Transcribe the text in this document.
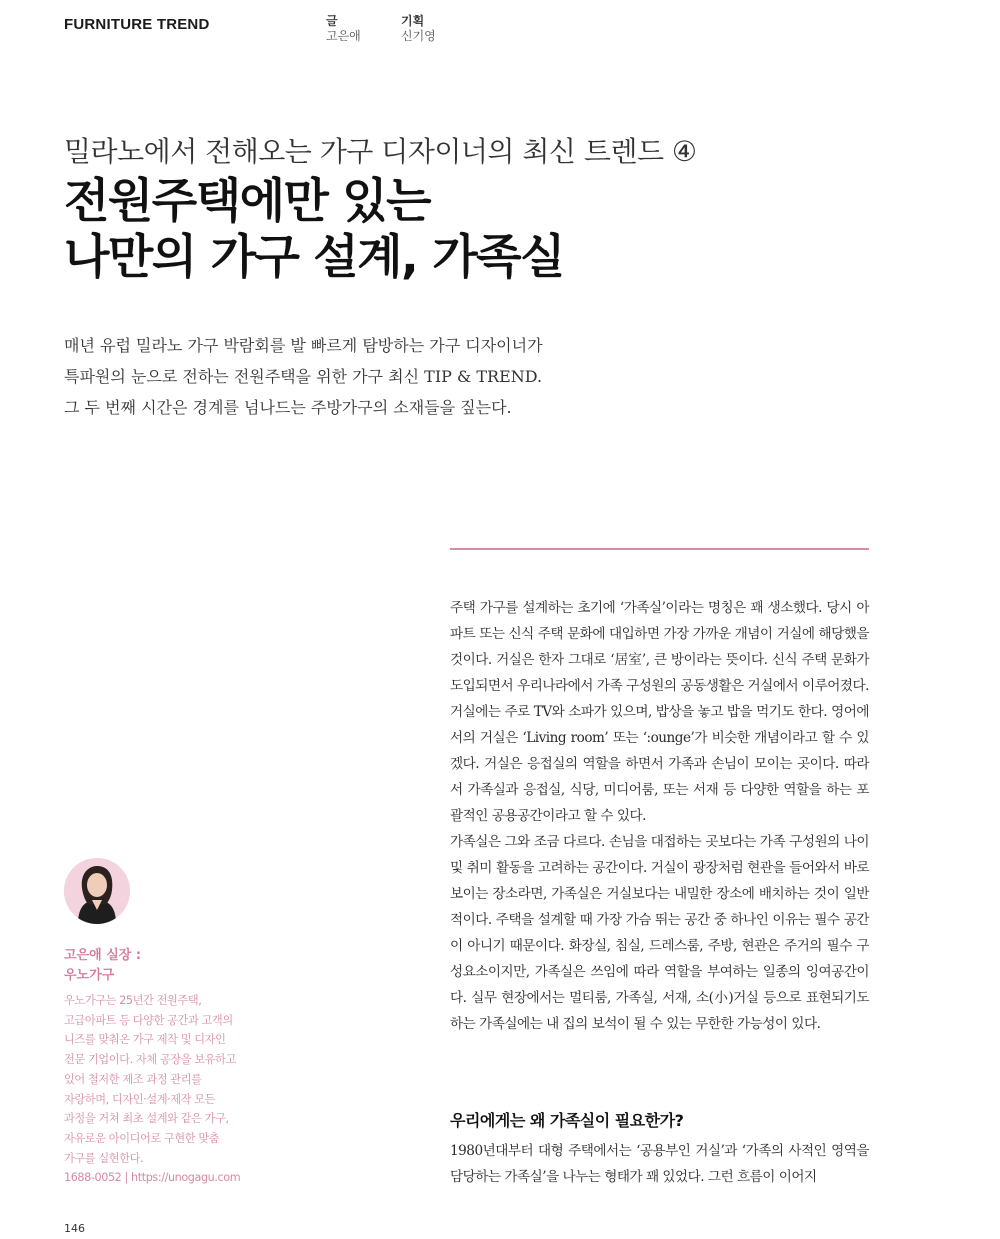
FURNITURE TREND	글
고은애
기획
신기영
밀라노에서 전해오는 가구 디자이너의 최신 트렌드 ④
전원주택에만 있는
나만의 가구 설계, 가족실
매년 유럽 밀라노 가구 박람회를 발 빠르게 탐방하는 가구 디자이너가
특파원의 눈으로 전하는 전원주택을 위한 가구 최신 TIP & TREND.
그 두 번째 시간은 경계를 넘나드는 주방가구의 소재들을 짚는다.

주택 가구를 설계하는 초기에 ‘가족실’이라는 명칭은 꽤 생소했다. 당시 아파트 또는 신식 주택 문화에 대입하면 가장 가까운 개념이 거실에 해당했을 것이다. 거실은 한자 그대로 ‘居室’, 큰 방이라는 뜻이다. 신식 주택 문화가 도입되면서 우리나라에서 가족 구성원의 공동생활은 거실에서 이루어졌다. 거실에는 주로 TV와 소파가 있으며, 밥상을 놓고 밥을 먹기도 한다. 영어에서의 거실은 ‘Living room’ 또는 ‘:ounge’가 비슷한 개념이라고 할 수 있겠다. 거실은 응접실의 역할을 하면서 가족과 손님이 모이는 곳이다. 따라서 가족실과 응접실, 식당, 미디어룸, 또는 서재 등 다양한 역할을 하는 포괄적인 공용공간이라고 할 수 있다.

가족실은 그와 조금 다르다. 손님을 대접하는 곳보다는 가족 구성원의 나이 및 취미 활동을 고려하는 공간이다. 거실이 광장처럼 현관을 들어와서 바로 보이는 장소라면, 가족실은 거실보다는 내밀한 장소에 배치하는 것이 일반적이다. 주택을 설계할 때 가장 가슴 뛰는 공간 중 하나인 이유는 필수 공간이 아니기 때문이다. 화장실, 침실, 드레스룸, 주방, 현관은 주거의 필수 구성요소이지만, 가족실은 쓰임에 따라 역할을 부여하는 일종의 잉여공간이다. 실무 현장에서는 멀티룸, 가족실, 서재, 소(小)거실 등으로 표현되기도 하는 가족실에는 내 집의 보석이 될 수 있는 무한한 가능성이 있다.

우리에게는 왜 가족실이 필요한가?

1980년대부터 대형 주택에서는 ‘공용부인 거실’과 ‘가족의 사적인 영역을 담당하는 가족실’을 나누는 형태가 꽤 있었다. 그런 흐름이 이어지

고은애 실장 :
우노가구
우노가구는 25년간 전원주택,
고급아파트 등 다양한 공간과 고객의
니즈를 맞춰온 가구 제작 및 디자인
전문 기업이다. 자체 공장을 보유하고
있어 철저한 제조 과정 관리를
자랑하며, 디자인·설계·제작 모든
과정을 거쳐 최초 설계와 같은 가구,
자유로운 아이디어로 구현한 맞춤
가구를 실현한다.
1688-0052 | https://unogagu.com
146
